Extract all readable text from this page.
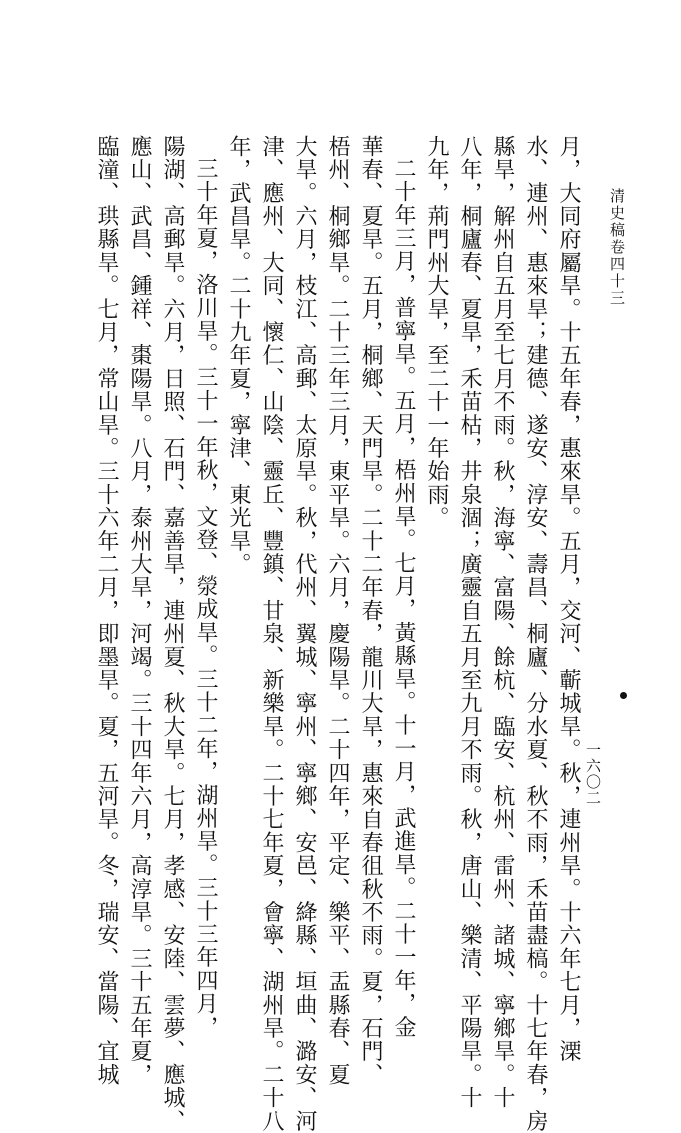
清史稿卷四十三
一六〇二
月，大同府屬旱。十五年春，惠來旱。五月，交河、蘄城旱。秋，連州旱。十六年七月，溧
水、連州、惠來旱；建德、遂安、淳安、壽昌、桐廬、分水夏、秋不雨，禾苗盡槁。十七年春，房
縣旱，解州自五月至七月不雨。秋，海寧、富陽、餘杭、臨安、杭州、雷州、諸城、寧鄉旱。十
八年，桐廬春、夏旱，禾苗枯，井泉涸；廣靈自五月至九月不雨。秋，唐山、樂清、平陽旱。十
九年，荊門州大旱，至二十一年始雨。
二十年三月，普寧旱。五月，梧州旱。七月，黃縣旱。十一月，武進旱。二十一年，金
華春、夏旱。五月，桐鄉、天門旱。二十二年春，龍川大旱，惠來自春徂秋不雨。夏，石門、
梧州、桐鄉旱。二十三年三月，東平旱。六月，慶陽旱。二十四年，平定、樂平、盂縣春、夏
大旱。六月，枝江、高郵、太原旱。秋，代州、翼城、寧州、寧鄉、安邑、絳縣、垣曲、潞安、河
津、應州、大同、懷仁、山陰、靈丘、豐鎮、甘泉、新樂旱。二十七年夏，會寧、湖州旱。二十八
年，武昌旱。二十九年夏，寧津、東光旱。
三十年夏，洛川旱。三十一年秋，文登、滎成旱。三十二年，湖州旱。三十三年四月，
陽湖、高郵旱。六月，日照、石門、嘉善旱，連州夏、秋大旱。七月，孝感、安陸、雲夢、應城、
應山、武昌、鍾祥、棗陽旱。八月，泰州大旱，河竭。三十四年六月，高淳旱。三十五年夏，
臨潼、珙縣旱。七月，常山旱。三十六年二月，即墨旱。夏，五河旱。冬，瑞安、當陽、宜城
